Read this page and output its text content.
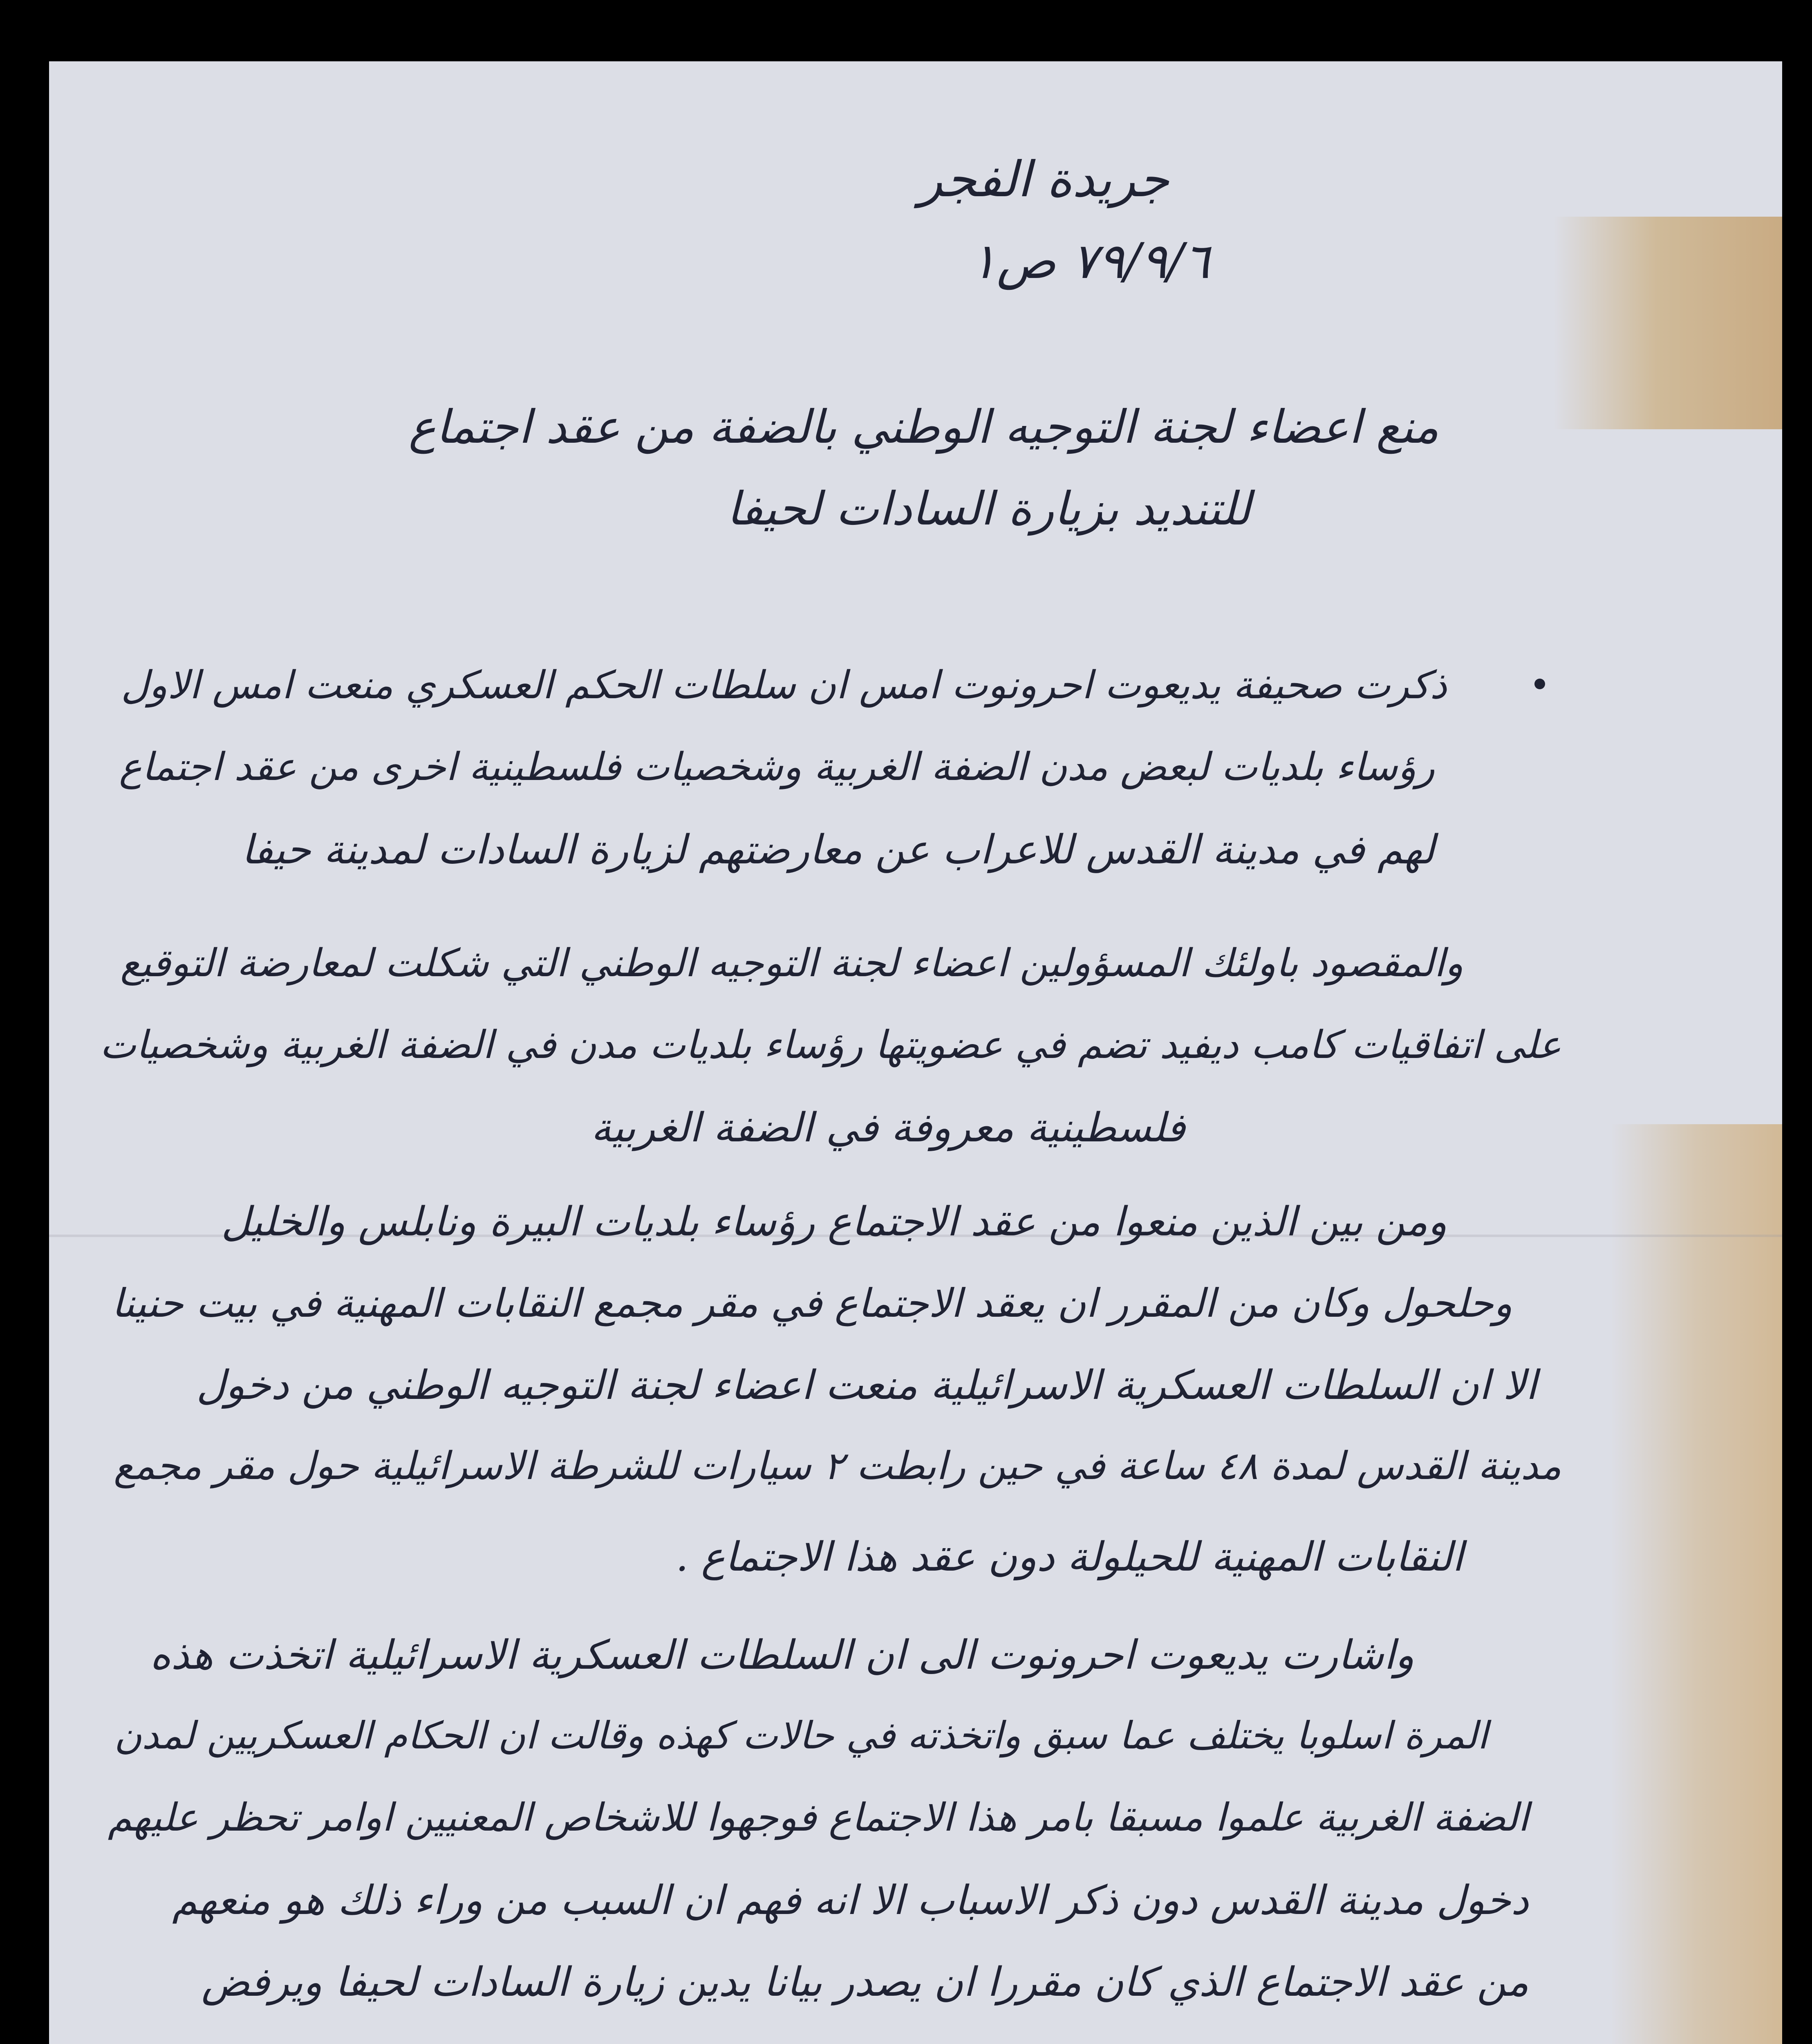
جريدة الفجر
٧٩/٩/٦ ص١
منع اعضاء لجنة التوجيه الوطني بالضفة من عقد اجتماع
للتنديد بزيارة السادات لحيفا
ذكرت صحيفة يديعوت احرونوت امس ان سلطات الحكم العسكري منعت امس الاول
رؤساء بلديات لبعض مدن الضفة الغربية وشخصيات فلسطينية اخرى من عقد اجتماع
لهم في مدينة القدس للاعراب عن معارضتهم لزيارة السادات لمدينة حيفا
والمقصود باولئك المسؤولين اعضاء لجنة التوجيه الوطني التي شكلت لمعارضة التوقيع
على اتفاقيات كامب ديفيد تضم في عضويتها رؤساء بلديات مدن في الضفة الغربية وشخصيات
فلسطينية معروفة في الضفة الغربية
ومن بين الذين منعوا من عقد الاجتماع رؤساء بلديات البيرة ونابلس والخليل
وحلحول وكان من المقرر ان يعقد الاجتماع في مقر مجمع النقابات المهنية في بيت حنينا
الا ان السلطات العسكرية الاسرائيلية منعت اعضاء لجنة التوجيه الوطني من دخول
مدينة القدس لمدة ٤٨ ساعة في حين رابطت ٢ سيارات للشرطة الاسرائيلية حول مقر مجمع
النقابات المهنية للحيلولة دون عقد هذا الاجتماع .
واشارت يديعوت احرونوت الى ان السلطات العسكرية الاسرائيلية اتخذت هذه
المرة اسلوبا يختلف عما سبق واتخذته في حالات كهذه وقالت ان الحكام العسكريين لمدن
الضفة الغربية علموا مسبقا بامر هذا الاجتماع فوجهوا للاشخاص المعنيين اوامر تحظر عليهم
دخول مدينة القدس دون ذكر الاسباب الا انه فهم ان السبب من وراء ذلك هو منعهم
من عقد الاجتماع الذي كان مقررا ان يصدر بيانا يدين زيارة السادات لحيفا ويرفض
